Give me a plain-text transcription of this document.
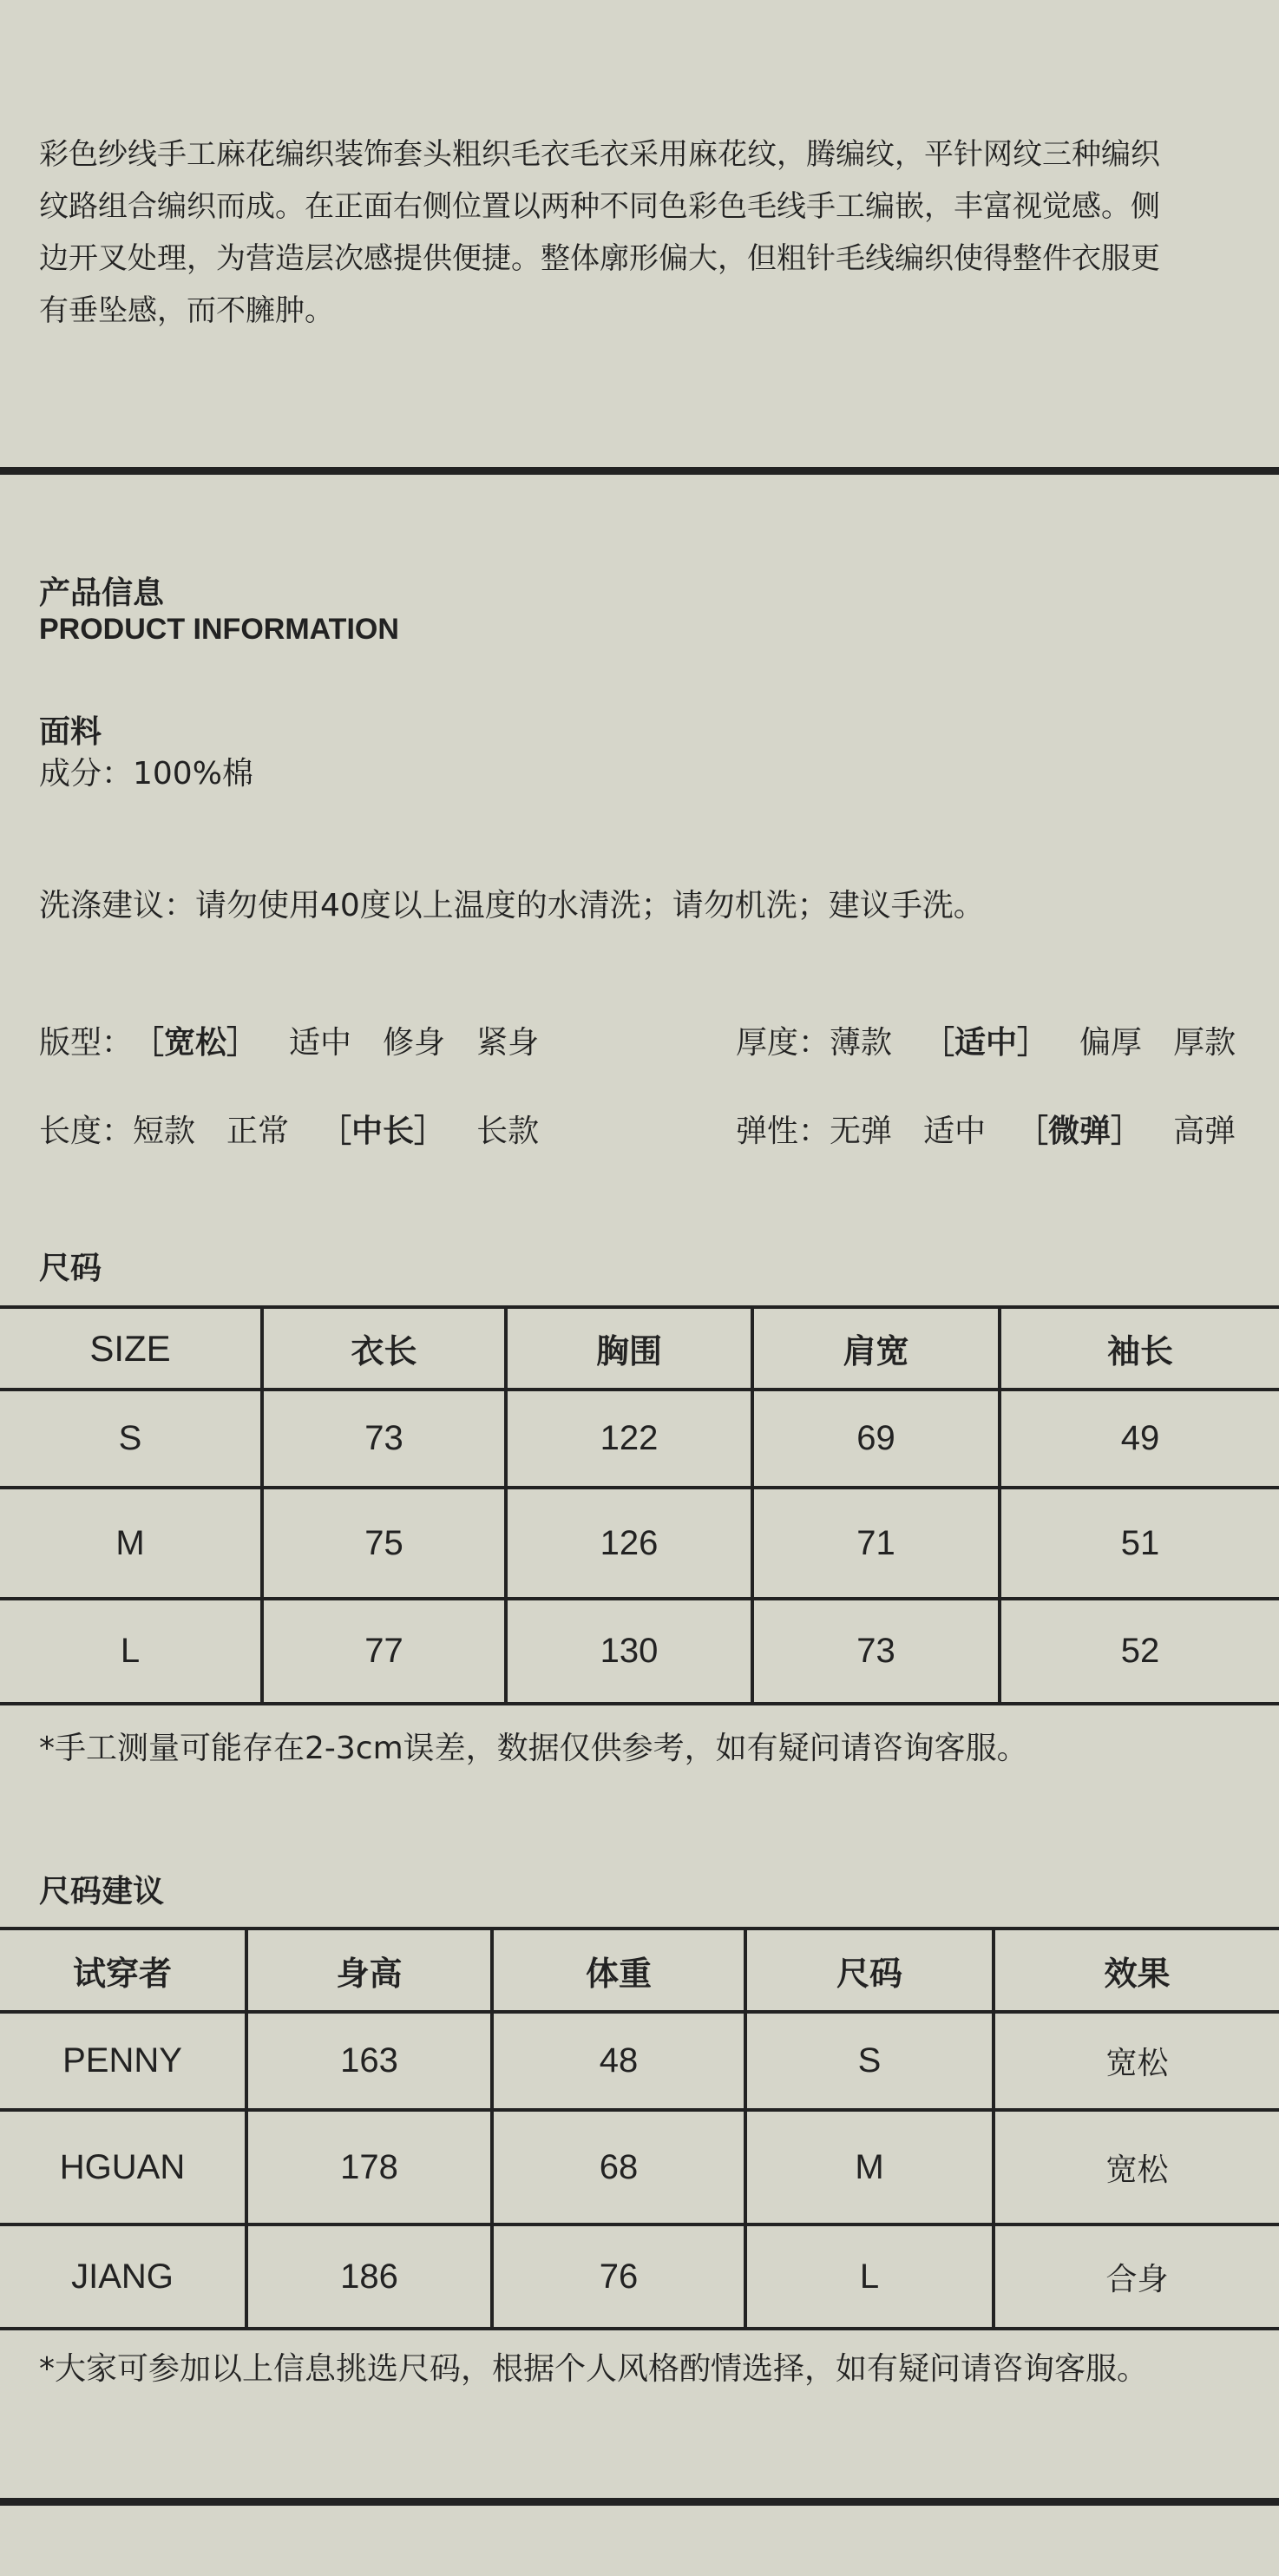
彩色纱线手工麻花编织装饰套头粗织毛衣毛衣采用麻花纹，腾编纹，平针网纹三种编织纹路组合编织而成。在正面右侧位置以两种不同色彩色毛线手工编嵌，丰富视觉感。侧边开叉处理，为营造层次感提供便捷。整体廓形偏大，但粗针毛线编织使得整件衣服更有垂坠感，而不臃肿。

产品信息
PRODUCT INFORMATION
面料
成分：100%棉
洗涤建议：请勿使用40度以上温度的水清洗；请勿机洗；建议手洗。
版型： ［宽松］ 适中 修身 紧身	厚度： 薄款 ［适中］ 偏厚 厚款
长度： 短款 正常 ［中长］ 长款	弹性： 无弹 适中 ［微弹］ 高弹
尺码
SIZE	衣长	胸围	肩宽	袖长
S	73	122	69	49
M	75	126	71	51
L	77	130	73	52
*手工测量可能存在2-3cm误差，数据仅供参考，如有疑问请咨询客服。
尺码建议
试穿者	身高	体重	尺码	效果
PENNY	163	48	S	宽松
HGUAN	178	68	M	宽松
JIANG	186	76	L	合身
*大家可参加以上信息挑选尺码，根据个人风格酌情选择，如有疑问请咨询客服。
